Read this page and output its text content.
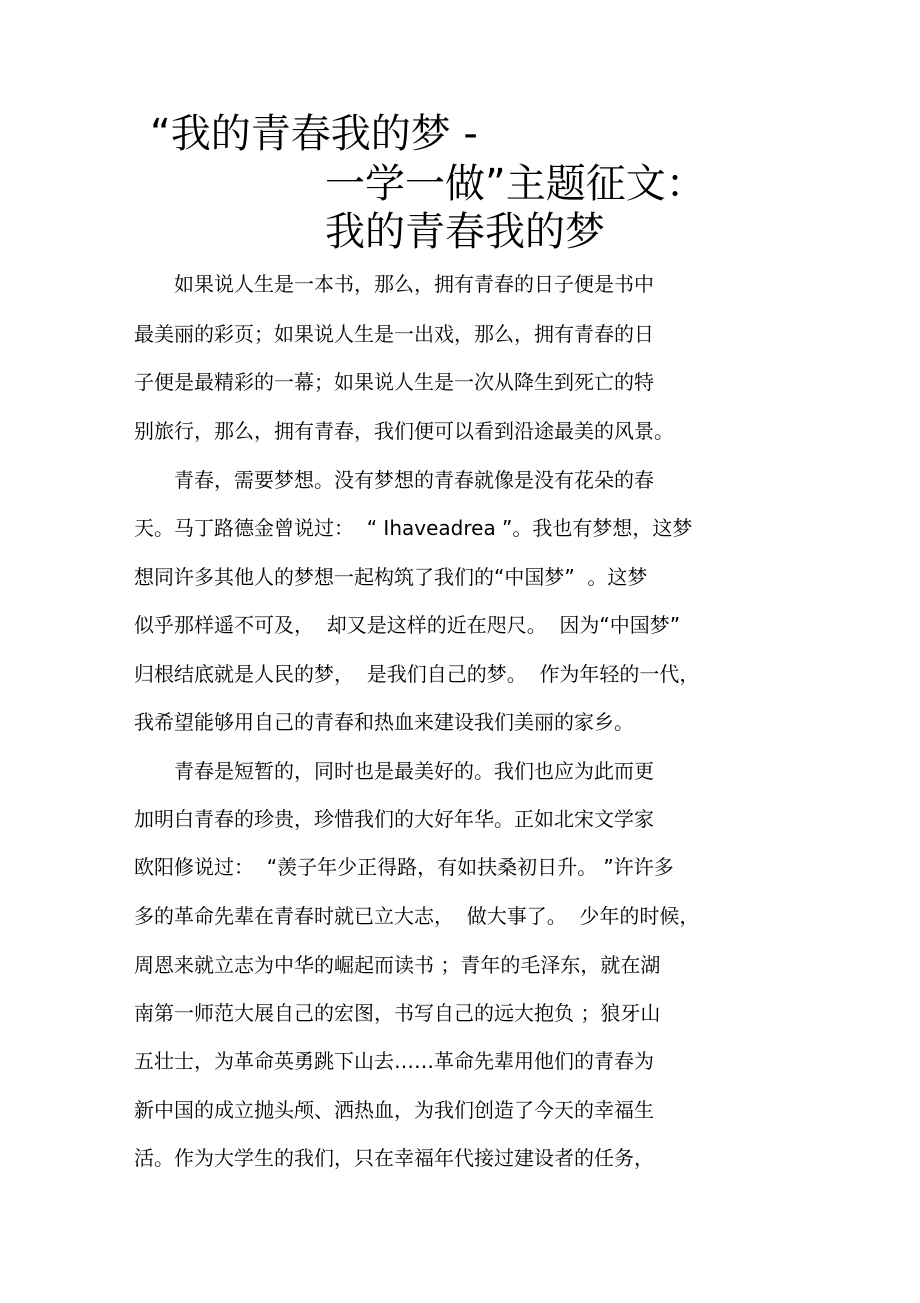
“我的青春我的梦 -
一学一做”主题征文：
我的青春我的梦
　　如果说人生是一本书，那么，拥有青春的日子便是书中
最美丽的彩页；如果说人生是一出戏，那么，拥有青春的日
子便是最精彩的一幕；如果说人生是一次从降生到死亡的特
别旅行，那么，拥有青春，我们便可以看到沿途最美的风景。
　　青春，需要梦想。没有梦想的青春就像是没有花朵的春
天。马丁路德金曾说过：  “ Ihaveadrea ”。我也有梦想，这梦
想同许多其他人的梦想一起构筑了我们的“中国梦”  。这梦
似乎那样遥不可及，  却又是这样的近在咫尺。  因为“中国梦”
归根结底就是人民的梦，  是我们自己的梦。  作为年轻的一代，
我希望能够用自己的青春和热血来建设我们美丽的家乡。
　　青春是短暂的，同时也是最美好的。我们也应为此而更
加明白青春的珍贵，珍惜我们的大好年华。正如北宋文学家
欧阳修说过：  “羡子年少正得路，有如扶桑初日升。 ”许许多
多的革命先辈在青春时就已立大志，  做大事了。  少年的时候，
周恩来就立志为中华的崛起而读书 ；青年的毛泽东，就在湖
南第一师范大展自己的宏图，书写自己的远大抱负 ；狼牙山
五壮士，为革命英勇跳下山去……革命先辈用他们的青春为
新中国的成立抛头颅、洒热血，为我们创造了今天的幸福生
活。作为大学生的我们，只在幸福年代接过建设者的任务，
